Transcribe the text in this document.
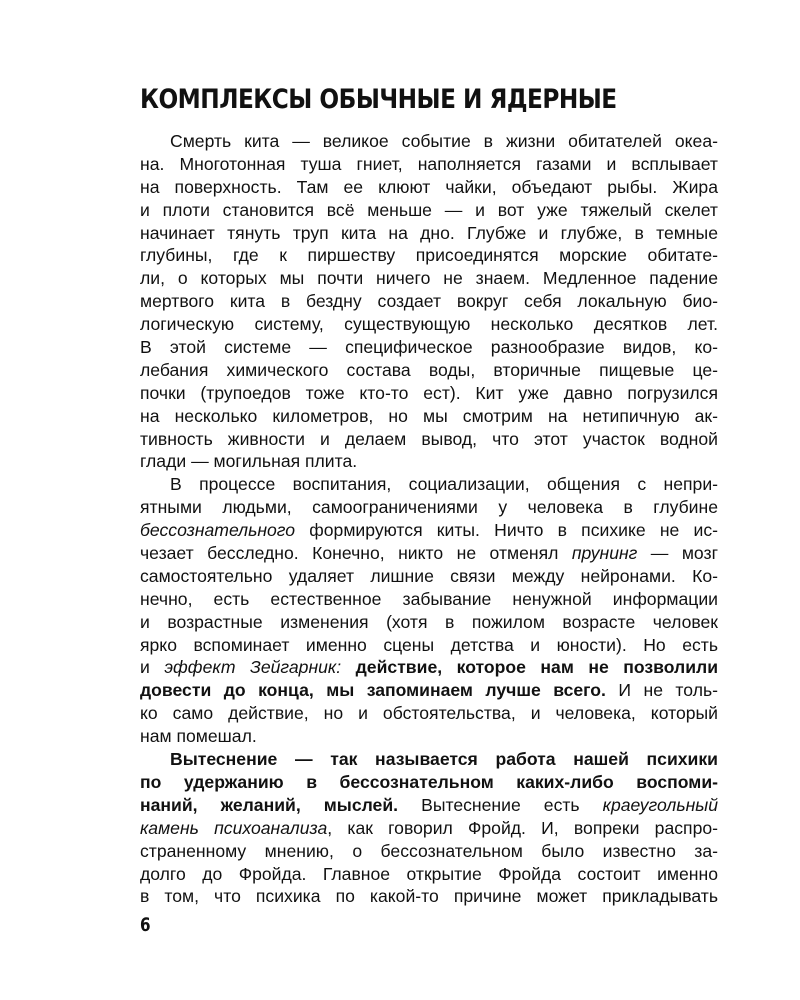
КОМПЛЕКСЫ ОБЫЧНЫЕ И ЯДЕРНЫЕ
Смерть кита — великое событие в жизни обитателей океа-
на. Многотонная туша гниет, наполняется газами и всплывает
на поверхность. Там ее клюют чайки, объедают рыбы. Жира
и плоти становится всё меньше — и вот уже тяжелый скелет
начинает тянуть труп кита на дно. Глубже и глубже, в темные
глубины, где к пиршеству присоединятся морские обитате-
ли, о которых мы почти ничего не знаем. Медленное падение
мертвого кита в бездну создает вокруг себя локальную био-
логическую систему, существующую несколько десятков лет.
В этой системе — специфическое разнообразие видов, ко-
лебания химического состава воды, вторичные пищевые це-
почки (трупоедов тоже кто-то ест). Кит уже давно погрузился
на несколько километров, но мы смотрим на нетипичную ак-
тивность живности и делаем вывод, что этот участок водной
глади — могильная плита.
В процессе воспитания, социализации, общения с непри-
ятными людьми, самоограничениями у человека в глубине
бессознательного формируются киты. Ничто в психике не ис-
чезает бесследно. Конечно, никто не отменял прунинг — мозг
самостоятельно удаляет лишние связи между нейронами. Ко-
нечно, есть естественное забывание ненужной информации
и возрастные изменения (хотя в пожилом возрасте человек
ярко вспоминает именно сцены детства и юности). Но есть
и эффект Зейгарник: действие, которое нам не позволили
довести до конца, мы запоминаем лучше всего. И не толь-
ко само действие, но и обстоятельства, и человека, который
нам помешал.
Вытеснение — так называется работа нашей психики
по удержанию в бессознательном каких-либо воспоми-
наний, желаний, мыслей. Вытеснение есть краеугольный
камень психоанализа, как говорил Фройд. И, вопреки распро-
страненному мнению, о бессознательном было известно за-
долго до Фройда. Главное открытие Фройда состоит именно
в том, что психика по какой-то причине может прикладывать
6
